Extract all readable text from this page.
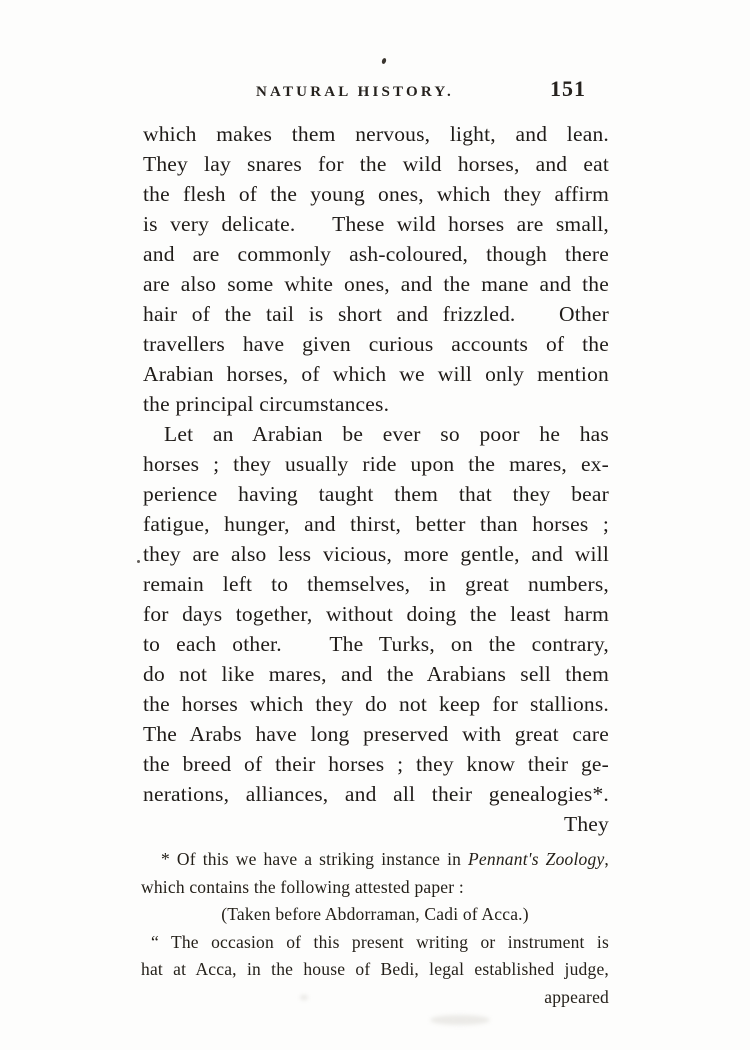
NATURAL HISTORY.	151
which makes them nervous, light, and lean.
They lay snares for the wild horses, and eat
the flesh of the young ones, which they affirm
is very delicate.   These wild horses are small,
and are commonly ash-coloured, though there
are also some white ones, and the mane and the
hair of the tail is short and frizzled.   Other
travellers have given curious accounts of the
Arabian horses, of which we will only mention
the principal circumstances.
Let an Arabian be ever so poor he has
horses ; they usually ride upon the mares, ex-
perience having taught them that they bear
fatigue, hunger, and thirst, better than horses ;
they are also less vicious, more gentle, and will
remain left to themselves, in great numbers,
for days together, without doing the least harm
to each other.   The Turks, on the contrary,
do not like mares, and the Arabians sell them
the horses which they do not keep for stallions.
The Arabs have long preserved with great care
the breed of their horses ; they know their ge-
nerations, alliances, and all their genealogies*.
They
* Of this we have a striking instance in Pennant's Zoology,
which contains the following attested paper :
(Taken before Abdorraman, Cadi of Acca.)
“ The occasion of this present writing or instrument is
hat at Acca, in the house of Bedi, legal established judge,
appeared
